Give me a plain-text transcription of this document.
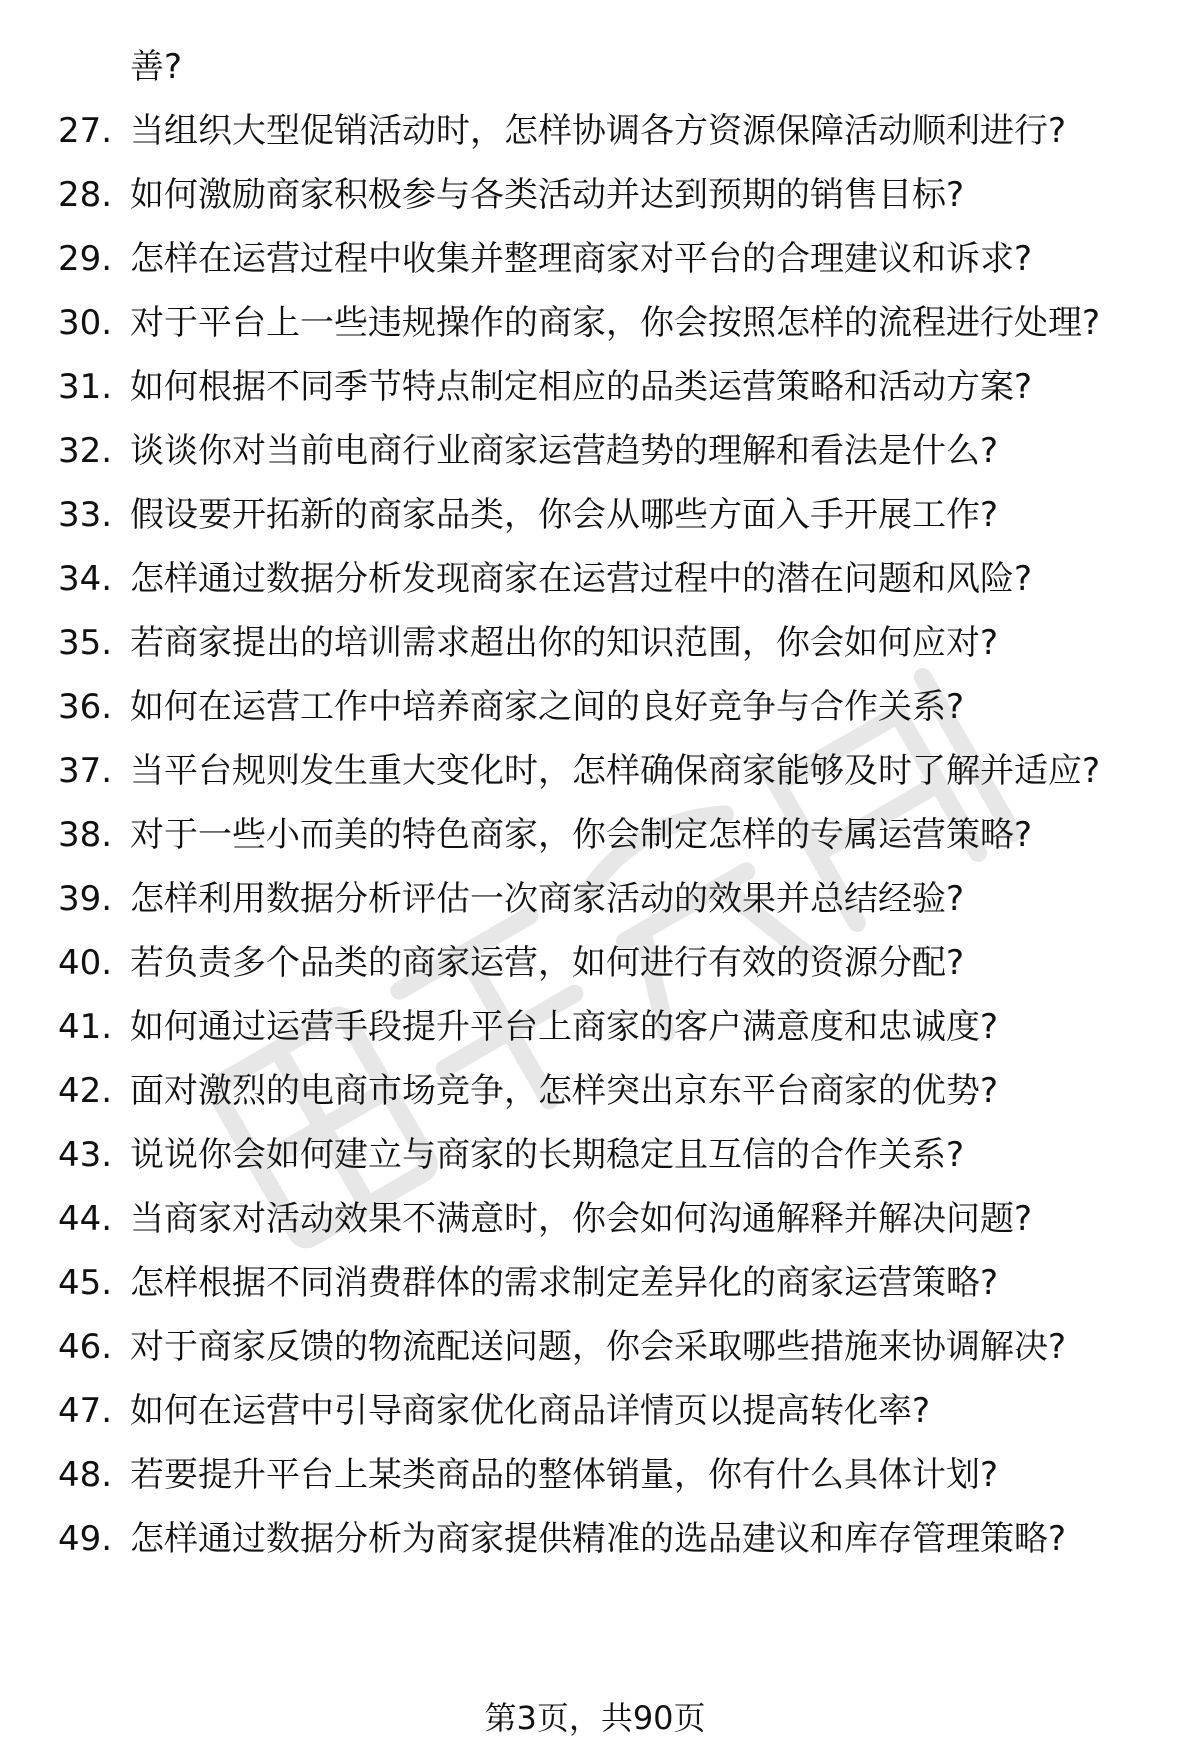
善?
27. 当组织大型促销活动时，怎样协调各方资源保障活动顺利进行?
28. 如何激励商家积极参与各类活动并达到预期的销售目标?
29. 怎样在运营过程中收集并整理商家对平台的合理建议和诉求?
30. 对于平台上一些违规操作的商家，你会按照怎样的流程进行处理?
31. 如何根据不同季节特点制定相应的品类运营策略和活动方案?
32. 谈谈你对当前电商行业商家运营趋势的理解和看法是什么?
33. 假设要开拓新的商家品类，你会从哪些方面入手开展工作?
34. 怎样通过数据分析发现商家在运营过程中的潜在问题和风险?
35. 若商家提出的培训需求超出你的知识范围，你会如何应对?
36. 如何在运营工作中培养商家之间的良好竞争与合作关系?
37. 当平台规则发生重大变化时，怎样确保商家能够及时了解并适应?
38. 对于一些小而美的特色商家，你会制定怎样的专属运营策略?
39. 怎样利用数据分析评估一次商家活动的效果并总结经验?
40. 若负责多个品类的商家运营，如何进行有效的资源分配?
41. 如何通过运营手段提升平台上商家的客户满意度和忠诚度?
42. 面对激烈的电商市场竞争，怎样突出京东平台商家的优势?
43. 说说你会如何建立与商家的长期稳定且互信的合作关系?
44. 当商家对活动效果不满意时，你会如何沟通解释并解决问题?
45. 怎样根据不同消费群体的需求制定差异化的商家运营策略?
46. 对于商家反馈的物流配送问题，你会采取哪些措施来协调解决?
47. 如何在运营中引导商家优化商品详情页以提高转化率?
48. 若要提升平台上某类商品的整体销量，你有什么具体计划?
49. 怎样通过数据分析为商家提供精准的选品建议和库存管理策略?
第3页，共90页
